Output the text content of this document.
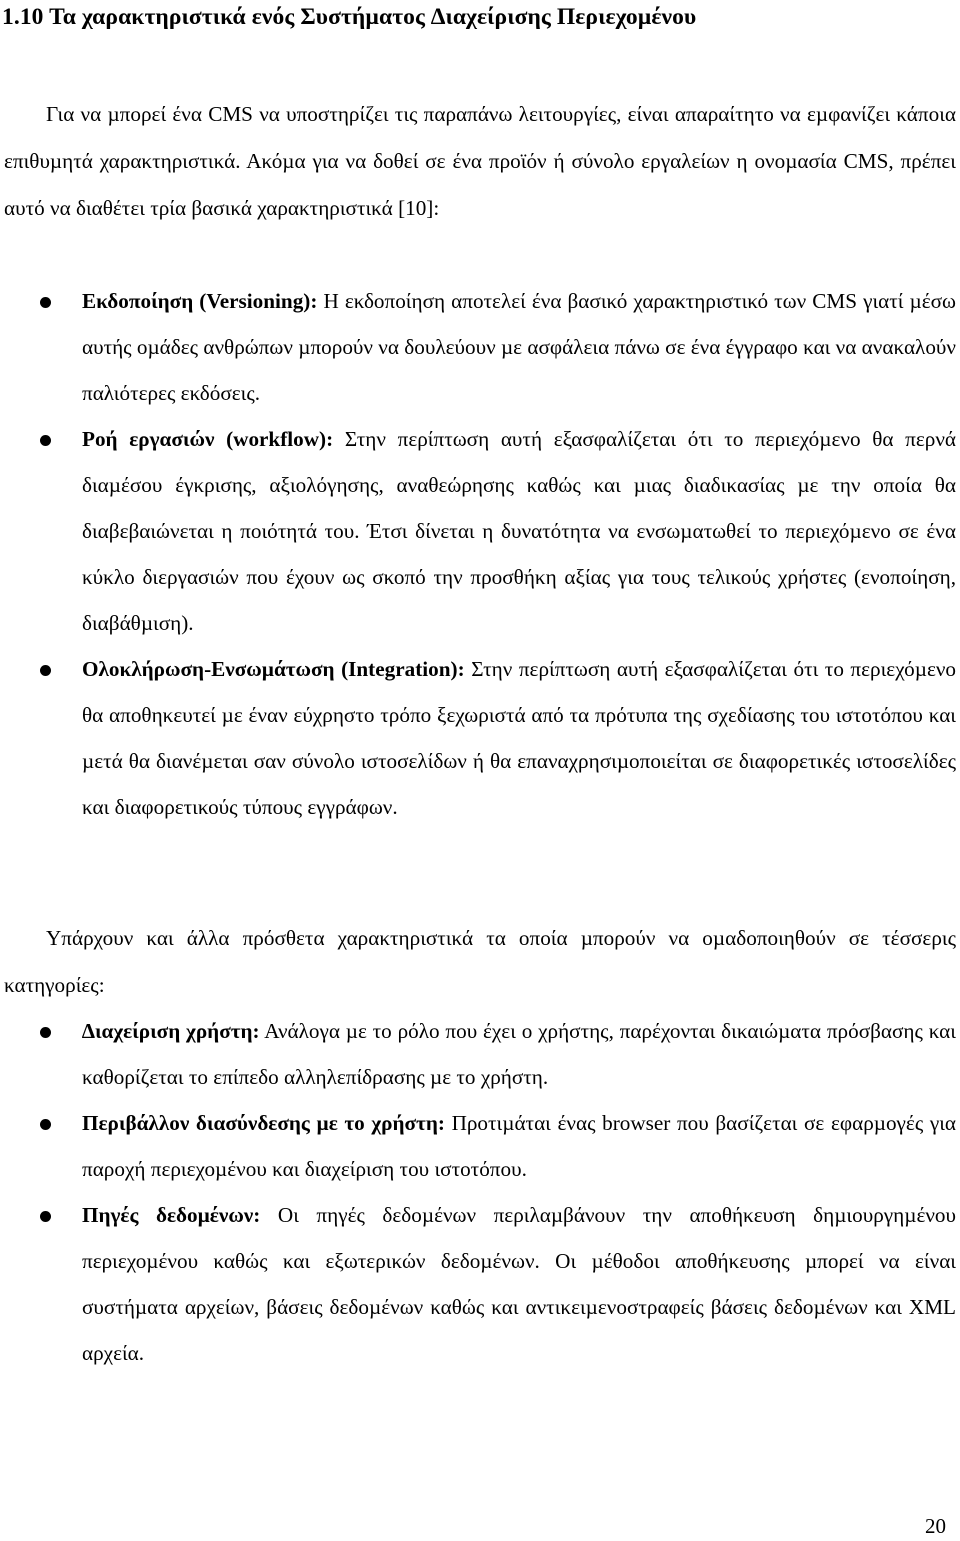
1.10 Τα χαρακτηριστικά ενός Συστήµατος ∆ιαχείρισης Περιεχοµένου
Για να µπορεί ένα CMS να υποστηρίζει τις παραπάνω λειτουργίες, είναι απαραίτητο να εµφανίζει κάποια επιθυµητά χαρακτηριστικά. Ακόµα για να δοθεί σε ένα προϊόν ή σύνολο εργαλείων η ονοµασία CMS, πρέπει αυτό να διαθέτει τρία βασικά χαρακτηριστικά [10]:
Εκδοποίηση (Versioning): Η εκδοποίηση αποτελεί ένα βασικό χαρακτηριστικό των CMS γιατί µέσω αυτής οµάδες ανθρώπων µπορούν να δουλεύουν µε ασφάλεια πάνω σε ένα έγγραφο και να ανακαλούν παλιότερες εκδόσεις.
Ροή εργασιών (workflow): Στην περίπτωση αυτή εξασφαλίζεται ότι το περιεχόµενο θα περνά διαµέσου έγκρισης, αξιολόγησης, αναθεώρησης καθώς και µιας διαδικασίας µε την οποία θα διαβεβαιώνεται η ποιότητά του. Έτσι δίνεται η δυνατότητα να ενσωµατωθεί το περιεχόµενο σε ένα κύκλο διεργασιών που έχουν ως σκοπό την προσθήκη αξίας για τους τελικούς χρήστες (ενοποίηση, διαβάθµιση).
Ολοκλήρωση-Ενσωµάτωση (Integration): Στην περίπτωση αυτή εξασφαλίζεται ότι το περιεχόµενο θα αποθηκευτεί µε έναν εύχρηστο τρόπο ξεχωριστά από τα πρότυπα της σχεδίασης του ιστοτόπου και µετά θα διανέµεται σαν σύνολο ιστοσελίδων ή θα επαναχρησιµοποιείται σε διαφορετικές ιστοσελίδες και διαφορετικούς τύπους εγγράφων.
Υπάρχουν και άλλα πρόσθετα χαρακτηριστικά τα οποία µπορούν να οµαδοποιηθούν σε τέσσερις κατηγορίες:
∆ιαχείριση χρήστη: Ανάλογα µε το ρόλο που έχει ο χρήστης, παρέχονται δικαιώµατα πρόσβασης και καθορίζεται το επίπεδο αλληλεπίδρασης µε το χρήστη.
Περιβάλλον διασύνδεσης µε το χρήστη: Προτιµάται ένας browser που βασίζεται σε εφαρµογές για παροχή περιεχοµένου και διαχείριση του ιστοτόπου.
Πηγές δεδοµένων: Οι πηγές δεδοµένων περιλαµβάνουν την αποθήκευση δηµιουργηµένου περιεχοµένου καθώς και εξωτερικών δεδοµένων. Οι µέθοδοι αποθήκευσης µπορεί να είναι συστήµατα αρχείων, βάσεις δεδοµένων καθώς και αντικειµενοστραφείς βάσεις δεδοµένων και XML αρχεία.
20
